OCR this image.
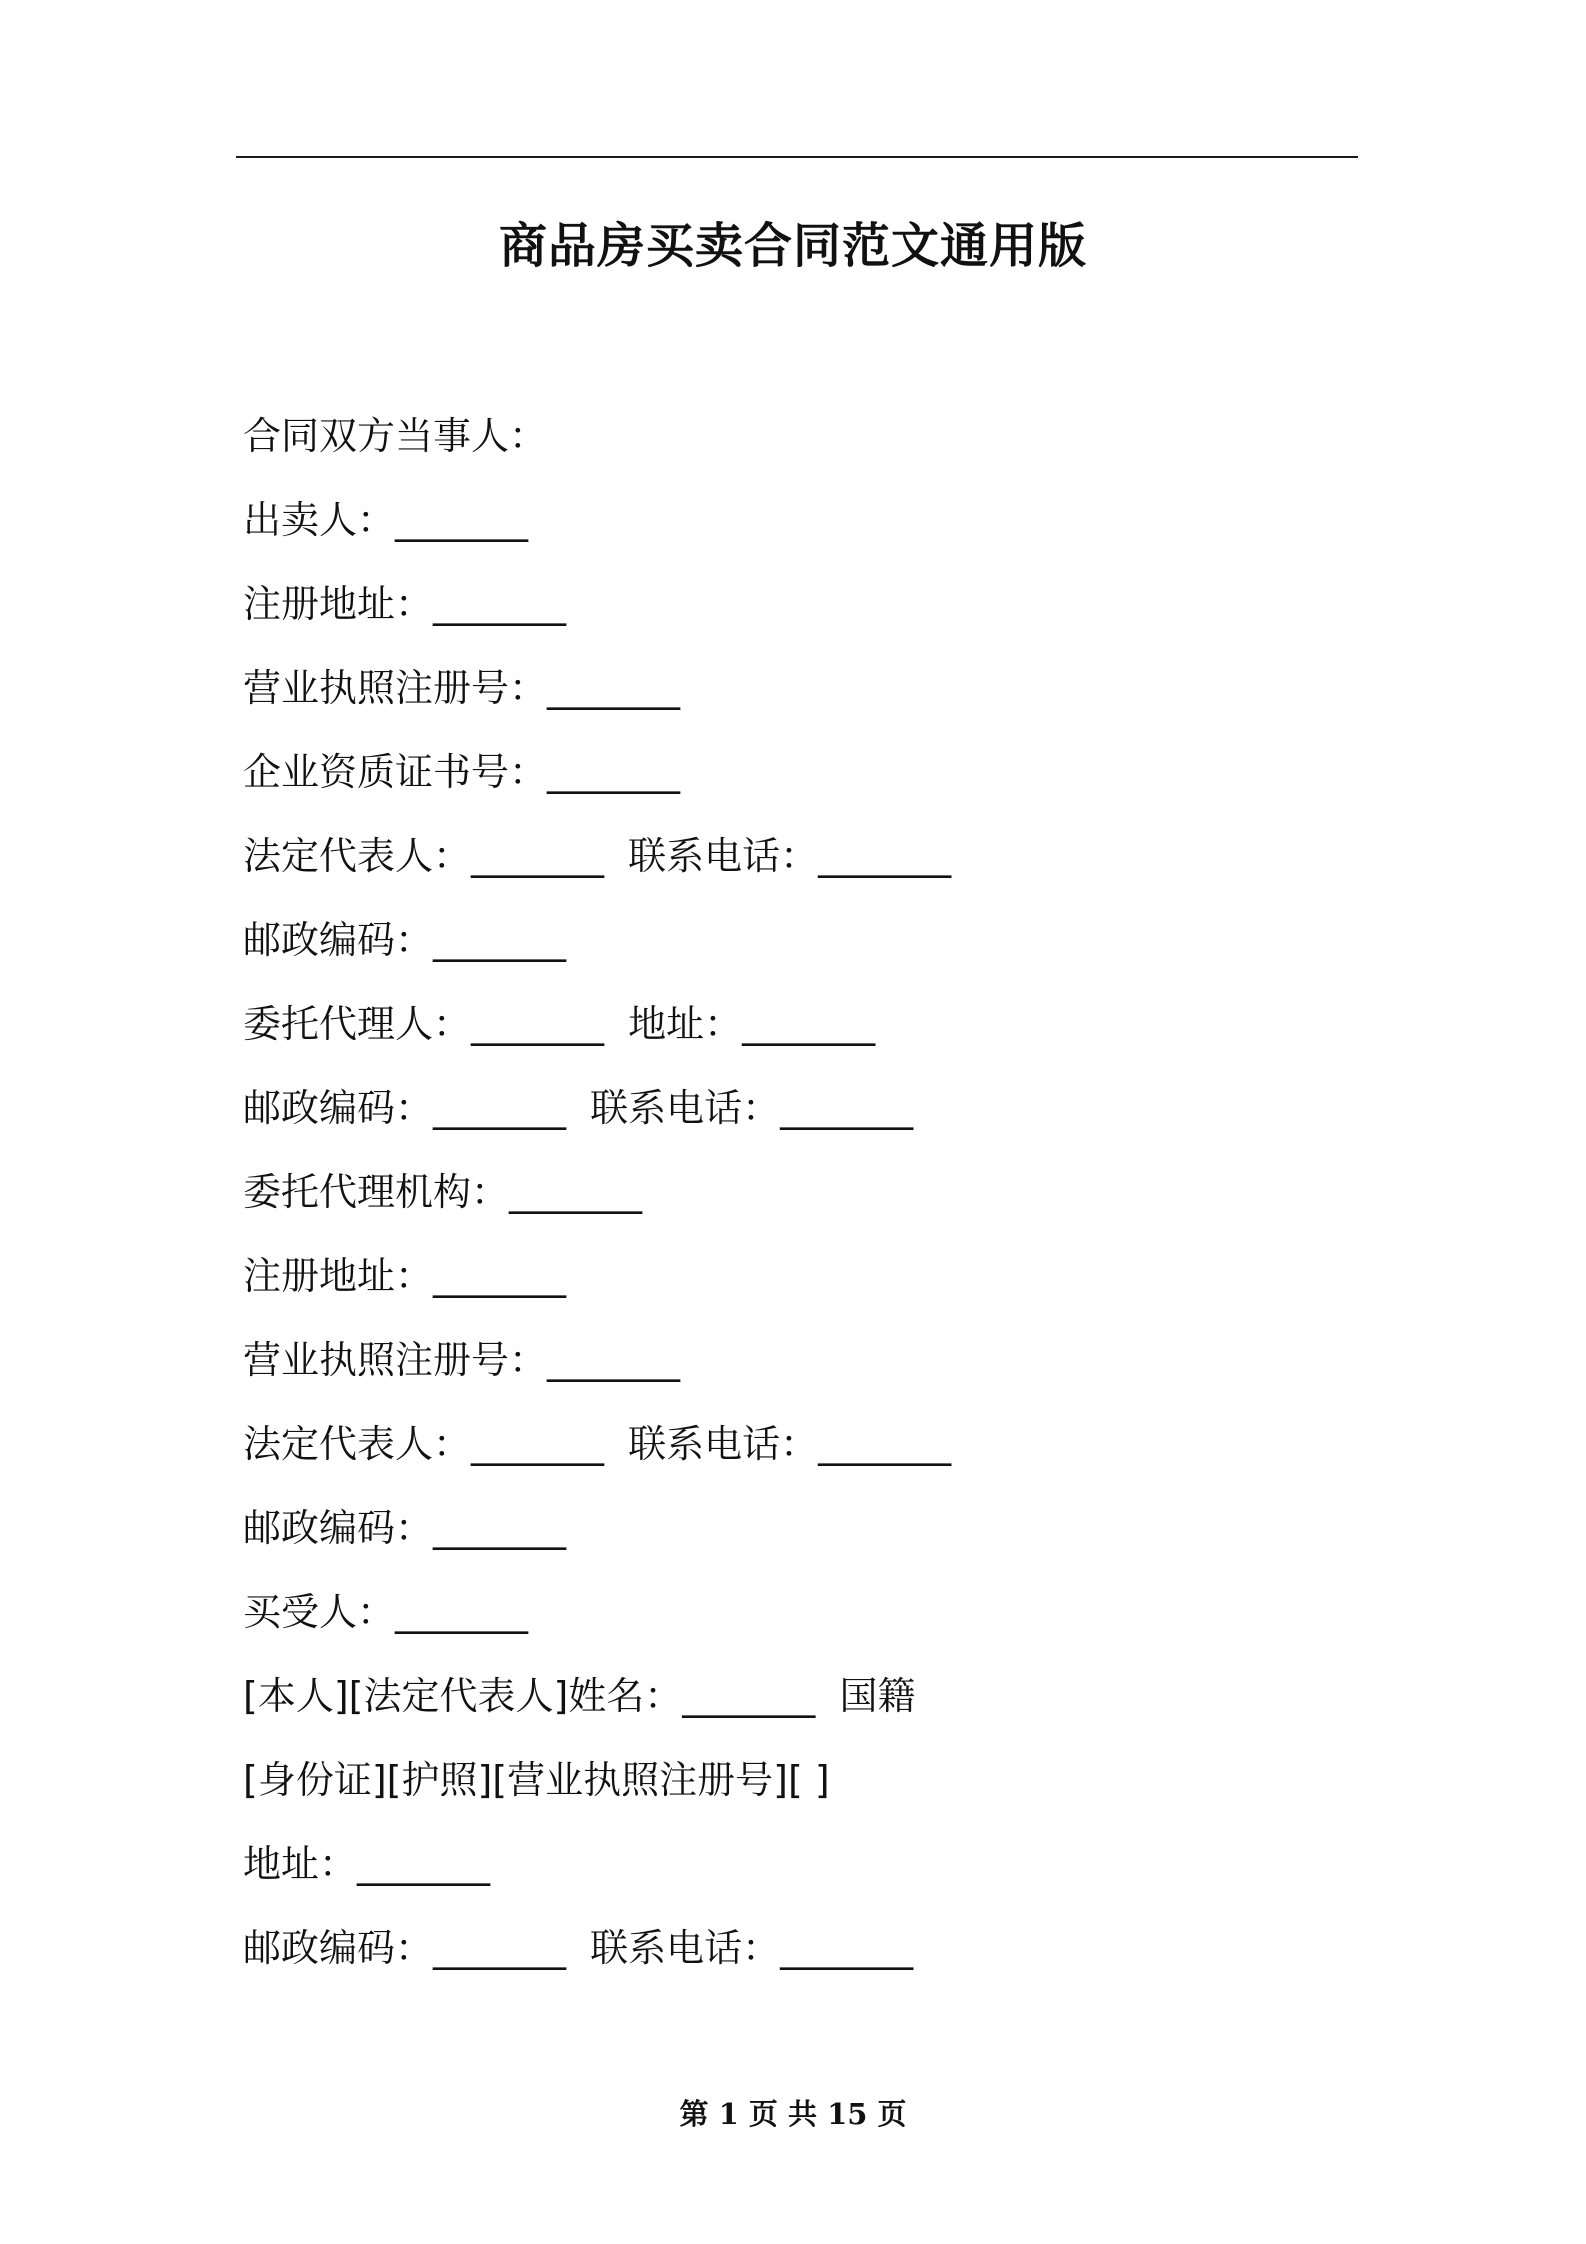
商品房买卖合同范文通用版
合同双方当事人：
出卖人：_______
注册地址：_______
营业执照注册号：_______
企业资质证书号：_______
法定代表人：_______  联系电话：_______
邮政编码：_______
委托代理人：_______  地址：_______
邮政编码：_______  联系电话：_______
委托代理机构：_______
注册地址：_______
营业执照注册号：_______
法定代表人：_______  联系电话：_______
邮政编码：_______
买受人：_______
[本人][法定代表人]姓名：_______  国籍
[身份证][护照][营业执照注册号][ ]
地址：_______
邮政编码：_______  联系电话：_______
第 1 页 共 15 页
